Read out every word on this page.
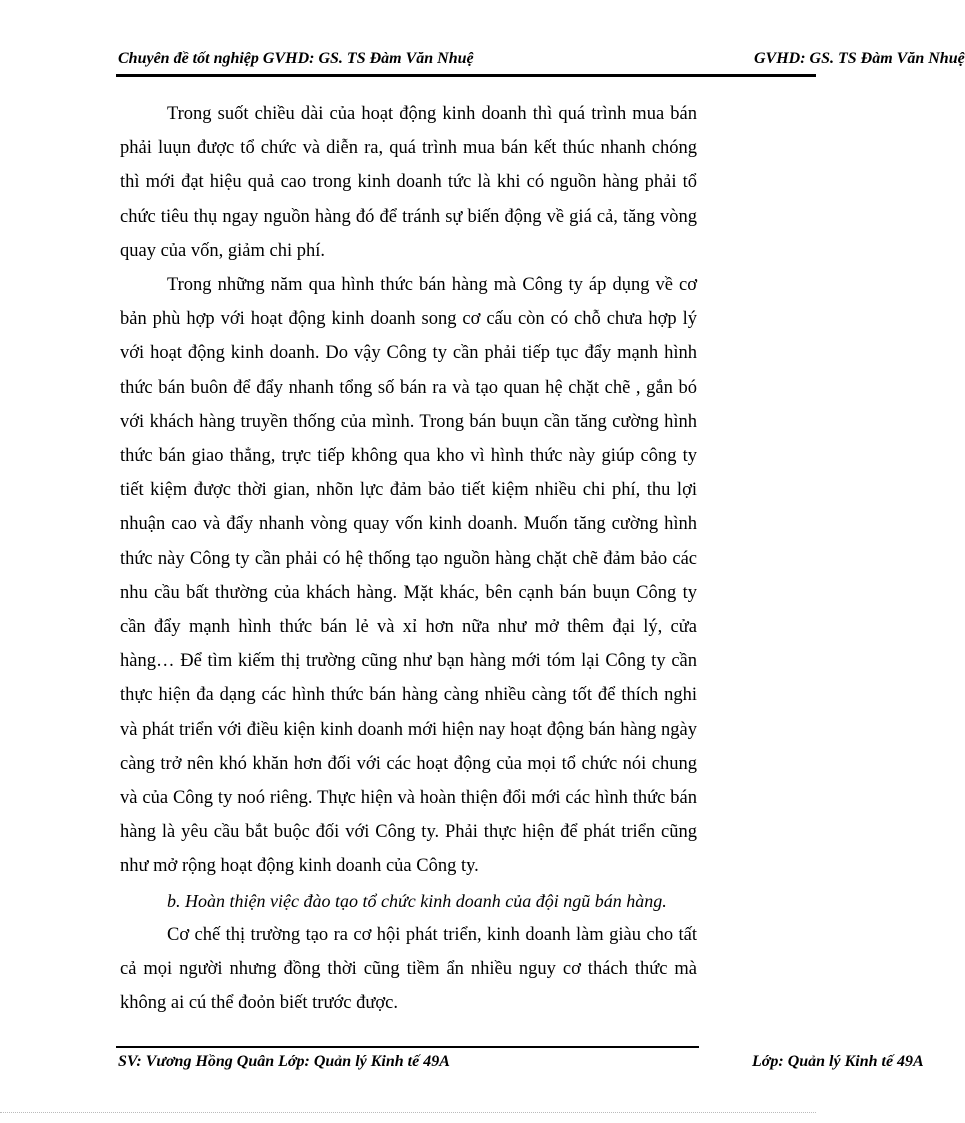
Chuyên đề tốt nghiệp GVHD: GS. TS Đàm Văn Nhuệ	GVHD: GS. TS Đàm Văn Nhuệ

Trong suốt chiều dài của hoạt động kinh doanh thì quá trình mua bán phải luụn được tổ chức và diễn ra, quá trình mua bán kết thúc nhanh chóng thì mới đạt hiệu quả cao trong kinh doanh tức là khi có nguồn hàng phải tổ chức tiêu thụ ngay nguồn hàng đó để tránh sự biến động về giá cả, tăng vòng quay của vốn, giảm chi phí.

Trong những năm qua hình thức bán hàng mà Công ty áp dụng về cơ bản phù hợp với hoạt động kinh doanh song cơ cấu còn có chỗ chưa hợp lý với hoạt động kinh doanh. Do vậy Công ty cần phải tiếp tục đẩy mạnh hình thức bán buôn để đẩy nhanh tổng số bán ra và tạo quan hệ chặt chẽ , gắn bó với khách hàng truyền thống của mình. Trong bán buụn cần tăng cường hình thức bán giao thẳng, trực tiếp không qua kho vì hình thức này giúp công ty tiết kiệm được thời gian, nhõn lực đảm bảo tiết kiệm nhiều chi phí, thu lợi nhuận cao và đẩy nhanh vòng quay vốn kinh doanh. Muốn tăng cường hình thức này Công ty cần phải có hệ thống tạo nguồn hàng chặt chẽ đảm bảo các nhu cầu bất thường của khách hàng. Mặt khác, bên cạnh bán buụn Công ty cần đẩy mạnh hình thức bán lẻ và xỉ hơn nữa như mở thêm đại lý, cửa hàng… Để tìm kiếm thị trường cũng như bạn hàng mới tóm lại Công ty cần thực hiện đa dạng các hình thức bán hàng càng nhiều càng tốt để thích nghi và phát triển với điều kiện kinh doanh mới hiện nay hoạt động bán hàng ngày càng trở nên khó khăn hơn đối với các hoạt động của mọi tổ chức nói chung và của Công ty noó riêng. Thực hiện và hoàn thiện đổi mới các hình thức bán hàng là yêu cầu bắt buộc đối với Công ty. Phải thực hiện để phát triển cũng như mở rộng hoạt động kinh doanh của Công ty.

b. Hoàn thiện việc đào tạo tổ chức kinh doanh của đội ngũ bán hàng.

Cơ chế thị trường tạo ra cơ hội phát triển, kinh doanh làm giàu cho tất cả mọi người nhưng đồng thời cũng tiềm ẩn nhiều nguy cơ thách thức mà không ai cú thể đoỏn biết trước được.

SV: Vương Hồng Quân Lớp: Quản lý Kinh tế 49A	Lớp: Quản lý Kinh tế 49A
